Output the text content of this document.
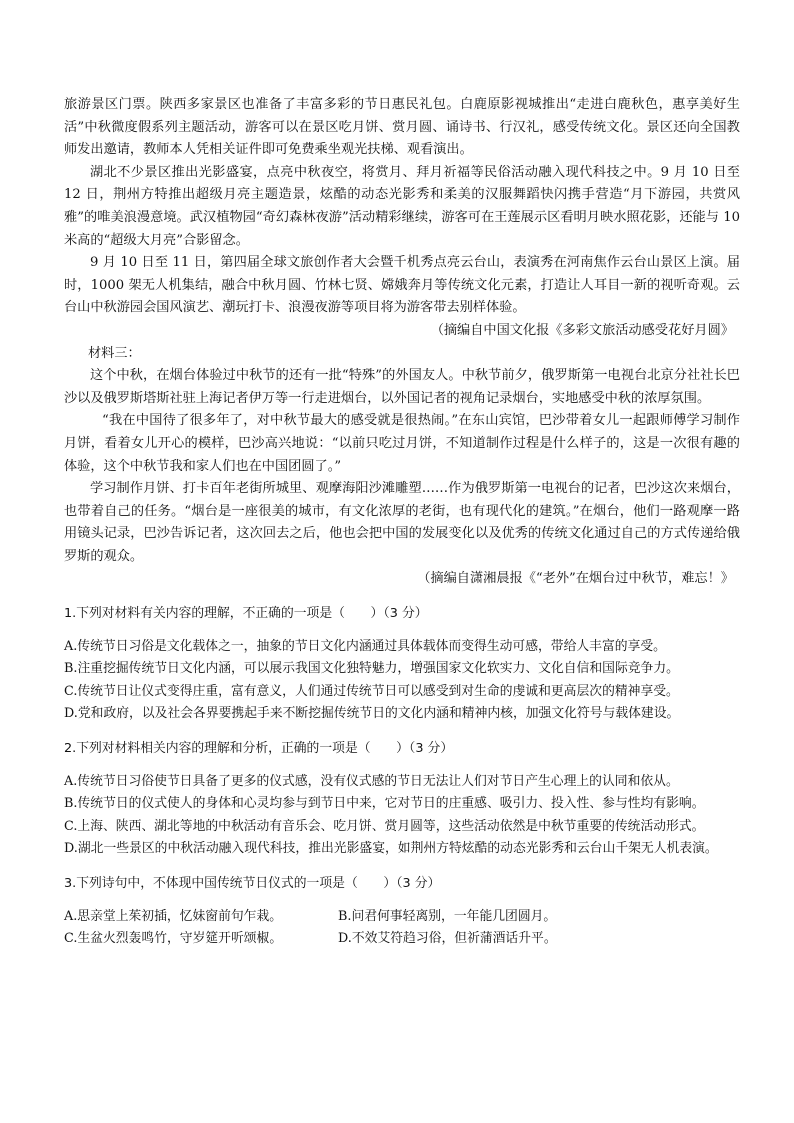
旅游景区门票。陕西多家景区也准备了丰富多彩的节日惠民礼包。白鹿原影视城推出“走进白鹿秋色，惠享美好生活”中秋微度假系列主题活动，游客可以在景区吃月饼、赏月圆、诵诗书、行汉礼，感受传统文化。景区还向全国教师发出邀请，教师本人凭相关证件即可免费乘坐观光扶梯、观看演出。

湖北不少景区推出光影盛宴，点亮中秋夜空，将赏月、拜月祈福等民俗活动融入现代科技之中。9 月 10 日至 12 日，荆州方特推出超级月亮主题造景，炫酷的动态光影秀和柔美的汉服舞蹈快闪携手营造“月下游园，共赏风雅”的唯美浪漫意境。武汉植物园“奇幻森林夜游”活动精彩继续，游客可在王莲展示区看明月映水照花影，还能与 10 米高的“超级大月亮”合影留念。

9 月 10 日至 11 日，第四届全球文旅创作者大会暨千机秀点亮云台山，表演秀在河南焦作云台山景区上演。届时，1000 架无人机集结，融合中秋月圆、竹林七贤、嫦娥奔月等传统文化元素，打造让人耳目一新的视听奇观。云台山中秋游园会国风演艺、潮玩打卡、浪漫夜游等项目将为游客带去别样体验。

（摘编自中国文化报《多彩文旅活动感受花好月圆》

材料三：

这个中秋，在烟台体验过中秋节的还有一批“特殊”的外国友人。中秋节前夕，俄罗斯第一电视台北京分社社长巴沙以及俄罗斯塔斯社驻上海记者伊万等一行走进烟台，以外国记者的视角记录烟台，实地感受中秋的浓厚氛围。

“我在中国待了很多年了，对中秋节最大的感受就是很热闹。”在东山宾馆，巴沙带着女儿一起跟师傅学习制作月饼，看着女儿开心的模样，巴沙高兴地说：“以前只吃过月饼，不知道制作过程是什么样子的，这是一次很有趣的体验，这个中秋节我和家人们也在中国团圆了。”

学习制作月饼、打卡百年老街所城里、观摩海阳沙滩雕塑……作为俄罗斯第一电视台的记者，巴沙这次来烟台，也带着自己的任务。“烟台是一座很美的城市，有文化浓厚的老街，也有现代化的建筑。”在烟台，他们一路观摩一路用镜头记录，巴沙告诉记者，这次回去之后，他也会把中国的发展变化以及优秀的传统文化通过自己的方式传递给俄罗斯的观众。

（摘编自潇湘晨报《“老外”在烟台过中秋节，难忘！》

1.下列对材料有关内容的理解，不正确的一项是（　　）（3 分）

A.传统节日习俗是文化载体之一，抽象的节日文化内涵通过具体载体而变得生动可感，带给人丰富的享受。

B.注重挖掘传统节日文化内涵，可以展示我国文化独特魅力，增强国家文化软实力、文化自信和国际竞争力。

C.传统节日让仪式变得庄重，富有意义，人们通过传统节日可以感受到对生命的虔诚和更高层次的精神享受。

D.党和政府，以及社会各界要携起手来不断挖掘传统节日的文化内涵和精神内核，加强文化符号与载体建设。

2.下列对材料相关内容的理解和分析，正确的一项是（　　）（3 分）

A.传统节日习俗使节日具备了更多的仪式感，没有仪式感的节日无法让人们对节日产生心理上的认同和依从。

B.传统节日的仪式使人的身体和心灵均参与到节日中来，它对节日的庄重感、吸引力、投入性、参与性均有影响。

C.上海、陕西、湖北等地的中秋活动有音乐会、吃月饼、赏月圆等，这些活动依然是中秋节重要的传统活动形式。

D.湖北一些景区的中秋活动融入现代科技，推出光影盛宴，如荆州方特炫酷的动态光影秀和云台山千架无人机表演。

3.下列诗句中，不体现中国传统节日仪式的一项是（　　）（3 分）

A.思亲堂上茱初插，忆妹窗前句乍栽。	B.问君何事轻离别，一年能几团圆月。
C.生盆火烈轰鸣竹，守岁筵开听颂椒。	D.不效艾符趋习俗，但祈蒲酒话升平。
